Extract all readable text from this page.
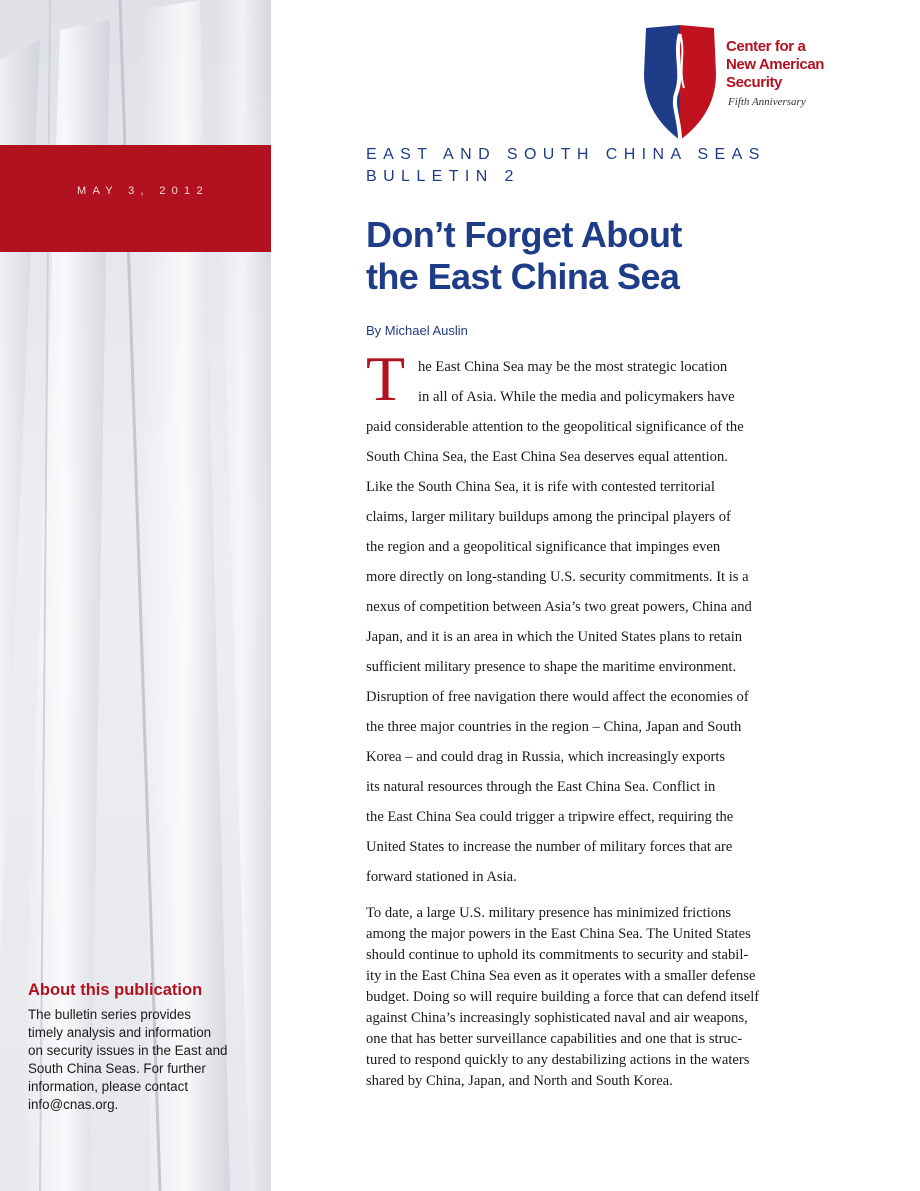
MAY 3, 2012

About this publication

The bulletin series provides
timely analysis and information
on security issues in the East and
South China Seas. For further
information, please contact
info@cnas.org.

Center for a
New American
Security
Fifth Anniversary
EAST AND SOUTH CHINA SEAS
BULLETIN 2
Don’t Forget About
the East China Sea
By Michael Auslin
T he East China Sea may be the most strategic location
in all of Asia. While the media and policymakers have
paid considerable attention to the geopolitical significance of the
South China Sea, the East China Sea deserves equal attention.
Like the South China Sea, it is rife with contested territorial
claims, larger military buildups among the principal players of
the region and a geopolitical significance that impinges even
more directly on long-standing U.S. security commitments. It is a
nexus of competition between Asia’s two great powers, China and
Japan, and it is an area in which the United States plans to retain
sufficient military presence to shape the maritime environment.
Disruption of free navigation there would affect the economies of
the three major countries in the region – China, Japan and South
Korea – and could drag in Russia, which increasingly exports
its natural resources through the East China Sea. Conflict in
the East China Sea could trigger a tripwire effect, requiring the
United States to increase the number of military forces that are
forward stationed in Asia.
To date, a large U.S. military presence has minimized frictions
among the major powers in the East China Sea. The United States
should continue to uphold its commitments to security and stabil-
ity in the East China Sea even as it operates with a smaller defense
budget. Doing so will require building a force that can defend itself
against China’s increasingly sophisticated naval and air weapons,
one that has better surveillance capabilities and one that is struc-
tured to respond quickly to any destabilizing actions in the waters
shared by China, Japan, and North and South Korea.
